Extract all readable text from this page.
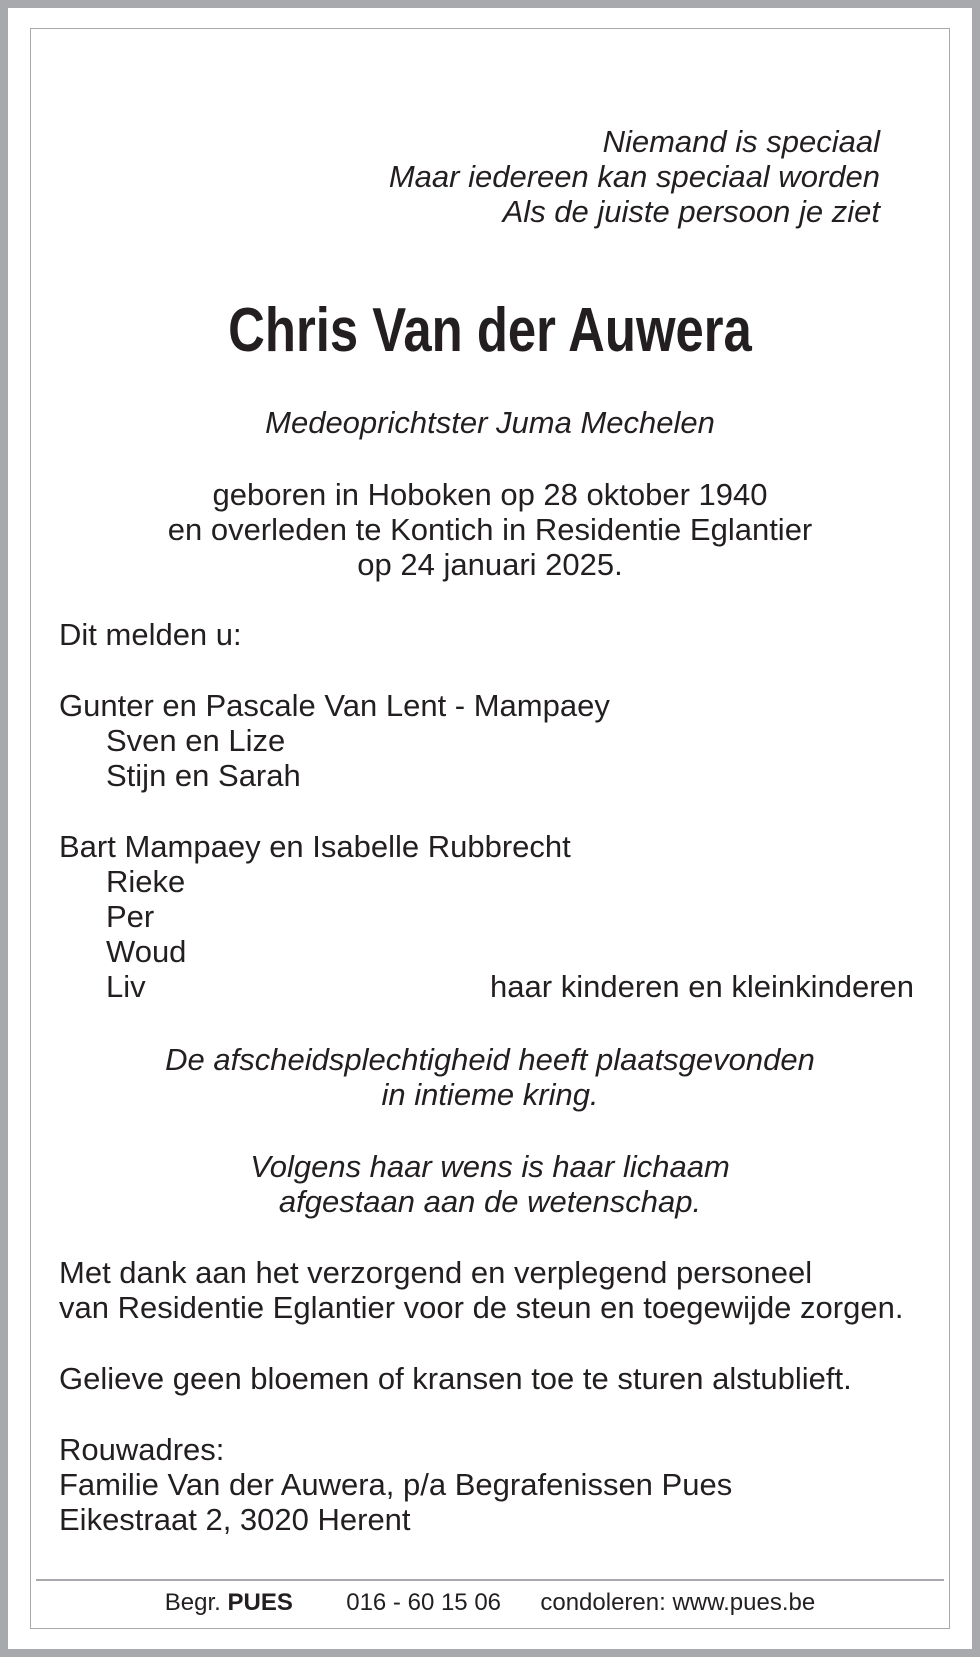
Niemand is speciaal
Maar iedereen kan speciaal worden
Als de juiste persoon je ziet
Chris Van der Auwera
Medeoprichtster Juma Mechelen
geboren in Hoboken op 28 oktober 1940
en overleden te Kontich in Residentie Eglantier
op 24 januari 2025.
Dit melden u:
Gunter en Pascale Van Lent - Mampaey
Sven en Lize
Stijn en Sarah
Bart Mampaey en Isabelle Rubbrecht
Rieke
Per
Woud
Liv	haar kinderen en kleinkinderen
De afscheidsplechtigheid heeft plaatsgevonden
in intieme kring.
Volgens haar wens is haar lichaam
afgestaan aan de wetenschap.
Met dank aan het verzorgend en verplegend personeel
van Residentie Eglantier voor de steun en toegewijde zorgen.
Gelieve geen bloemen of kransen toe te sturen alstublieft.
Rouwadres:
Familie Van der Auwera, p/a Begrafenissen Pues
Eikestraat 2, 3020 Herent
Begr. PUES 016 - 60 15 06 condoleren: www.pues.be
